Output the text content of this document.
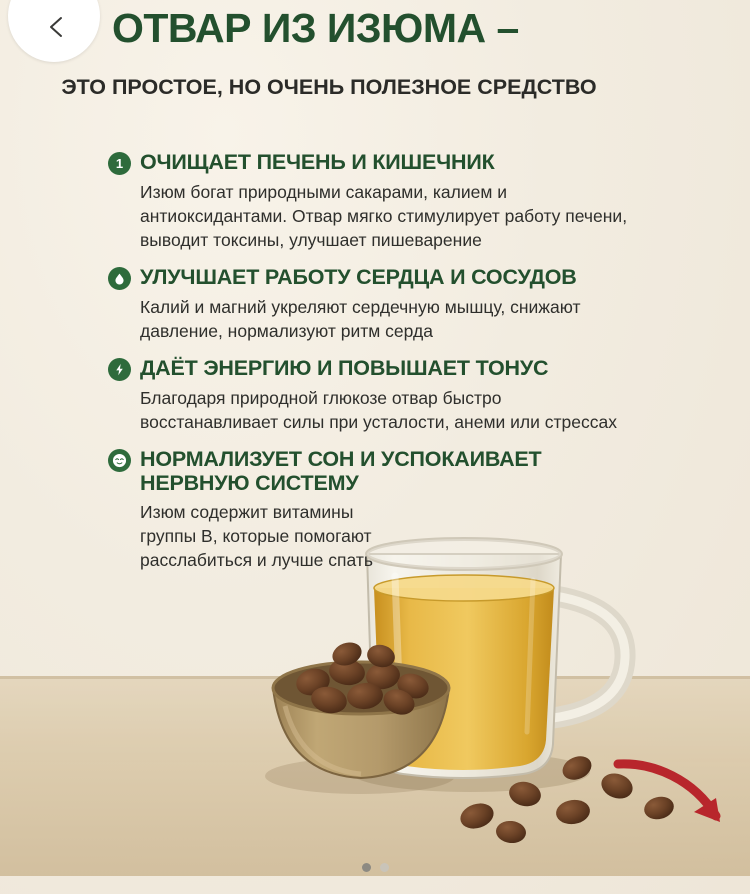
ОТВАР ИЗ ИЗЮМА –
ЭТО ПРОСТОЕ, НО ОЧЕНЬ ПОЛЕЗНОЕ СРЕДСТВО
1 ОЧИЩАЕТ ПЕЧЕНЬ И КИШЕЧНИК
Изюм богат природными сакарами, калием и антиоксидантами. Отвар мягко стимулирует работу печени, выводит токсины, улучшает пишеварение
УЛУЧШАЕТ РАБОТУ СЕРДЦА И СОСУДОВ
Калий и магний укреляют сердечную мышцу, снижают давление, нормализуют ритм серда
ДАЁТ ЭНЕРГИЮ И ПОВЫШАЕТ ТОНУС
Благодаря природной глюкозе отвар быстро восстанавливает силы при усталости, анеми или стрессах
НОРМАЛИЗУЕТ СОН И УСПОКАИВАЕТ НЕРВНУЮ СИСТЕМУ
Изюм содержит витамины группы B, которые помогают расслабиться и лучше спать
